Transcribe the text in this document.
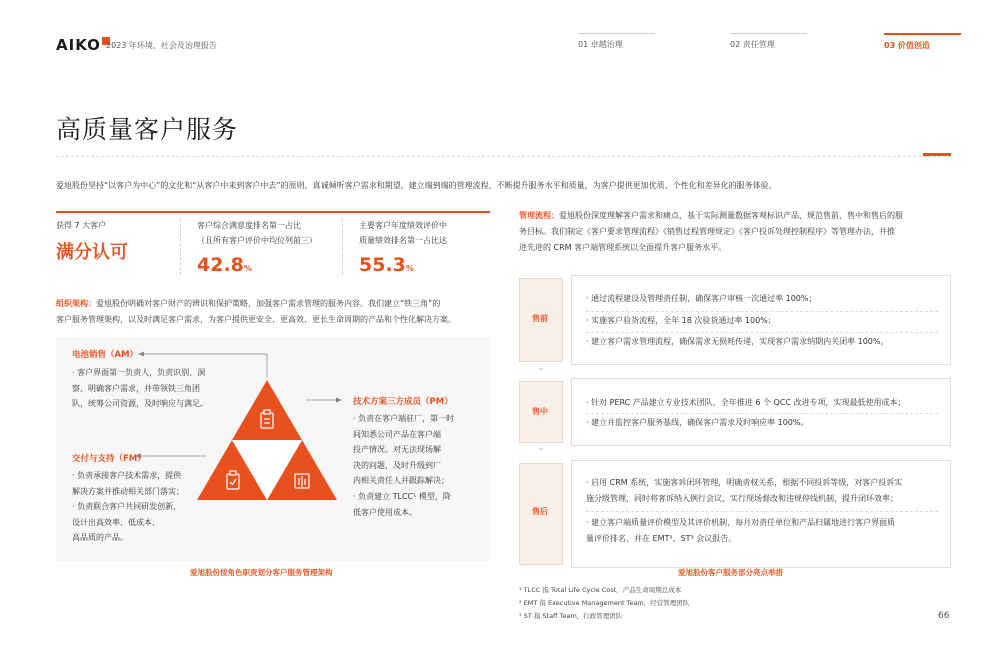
AIKO 2023 年环境、社会及治理报告	01 卓越治理	02 责任管理	03 价值创造
高质量客户服务
爱旭股份坚持“以客户为中心”的文化和“从客户中来到客户中去”的原则，真诚倾听客户需求和期望，建立端到端的管理流程，不断提升服务水平和质量，为客户提供更加优质、个性化和差异化的服务体验。
获得 7 大客户
满分认可
客户综合满意度排名第一占比
（且所有客户评价中均位列前三）
42.8%
主要客户年度绩效评价中
质量绩效排名第一占比达
55.3%
组织架构：爱旭股份明确对客户财产的辨识和保护策略，加强客户需求管理的服务内容。我们建立“铁三角”的
客户服务管理架构，以及时满足客户需求，为客户提供更安全、更高效、更长生命周期的产品和个性化解决方案。
电池销售（AM）
· 客户界面第一负责人，负责识别、洞
察、明确客户需求，并带领铁三角团
队，统筹公司资源，及时响应与满足。	技术方案三方成员（PM）
· 负责在客户端驻厂，第一时
间知悉公司产品在客户端
投产情况。对无法现场解
决的问题，及时升级到厂
内相关责任人并跟踪解决；
· 负责建立 TLCC¹ 模型，降
低客户使用成本。
交付与支持（FM）
· 负责承接客户技术需求，提供
解决方案并推动相关部门落实；
· 负责联合客户共同研发创新，
设计出高效率、低成本、
高品质的产品。
爱旭股份按角色职责划分客户服务管理架构
管理流程：爱旭股份深度理解客户需求和痛点，基于实际测量数据客观标识产品，规范售前、售中和售后的服
务目标。我们制定《客户要求管理流程》《销售过程管理规定》《客户投诉处理控制程序》等管理办法，并推
进先进的 CRM 客户端管理系统以全面提升客户服务水平。
售前
· 通过流程建设及管理责任制，确保客户审核一次通过率 100%；
· 实施客户验货流程，全年 18 次验货通过率 100%；
· 建立客户需求管理流程，确保需求无损耗传递，实现客户需求纳期内关闭率 100%。
⌄
售中
· 针对 PERC 产品建立专业技术团队，全年推进 6 个 QCC 改进专项，实现最低使用成本；
· 建立并监控客户服务基线，确保客户需求及时响应率 100%。
⌄
售后
· 启用 CRM 系统，实施客诉闭环管理，明确责权关系，根据不同投诉等级，对客户投诉实
施分级管理，同时将客诉纳入例行会议，实行现场督改和违规停线机制，提升闭环效率；
· 建立客户端质量评价模型及其评价机制，每月对责任单位和产品归属地进行客户界面质
量评价排名，并在 EMT²、ST³ 会议报告。
爱旭股份客户服务部分亮点举措
¹ TLCC 指 Total Life Cycle Cost，产品生命周期总成本
² EMT 指 Executive Management Team，经营管理团队
³ ST 指 Staff Team，行政管理团队	66
